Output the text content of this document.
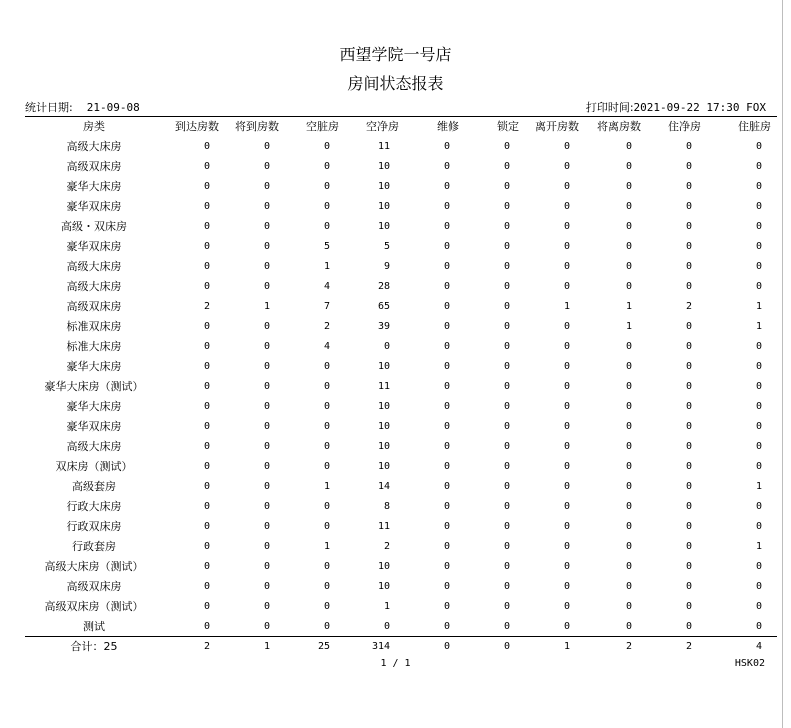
西望学院一号店
房间状态报表
统计日期: 21-09-08	打印时间:2021-09-22 17:30 FOX
房类	到达房数	将到房数	空脏房	空净房	维修	锁定	离开房数	将离房数	住净房	住脏房
高级大床房	0	0	0	11	0	0	0	0	0	0
高级双床房	0	0	0	10	0	0	0	0	0	0
豪华大床房	0	0	0	10	0	0	0	0	0	0
豪华双床房	0	0	0	10	0	0	0	0	0	0
高级・双床房	0	0	0	10	0	0	0	0	0	0
豪华双床房	0	0	5	5	0	0	0	0	0	0
高级大床房	0	0	1	9	0	0	0	0	0	0
高级大床房	0	0	4	28	0	0	0	0	0	0
高级双床房	2	1	7	65	0	0	1	1	2	1
标准双床房	0	0	2	39	0	0	0	1	0	1
标准大床房	0	0	4	0	0	0	0	0	0	0
豪华大床房	0	0	0	10	0	0	0	0	0	0
豪华大床房（测试）	0	0	0	11	0	0	0	0	0	0
豪华大床房	0	0	0	10	0	0	0	0	0	0
豪华双床房	0	0	0	10	0	0	0	0	0	0
高级大床房	0	0	0	10	0	0	0	0	0	0
双床房（测试）	0	0	0	10	0	0	0	0	0	0
高级套房	0	0	1	14	0	0	0	0	0	1
行政大床房	0	0	0	8	0	0	0	0	0	0
行政双床房	0	0	0	11	0	0	0	0	0	0
行政套房	0	0	1	2	0	0	0	0	0	1
高级大床房（测试）	0	0	0	10	0	0	0	0	0	0
高级双床房	0	0	0	10	0	0	0	0	0	0
高级双床房（测试）	0	0	0	1	0	0	0	0	0	0
测试	0	0	0	0	0	0	0	0	0	0
合计：25	2	1	25	314	0	0	1	2	2	4
1 / 1	HSK02
